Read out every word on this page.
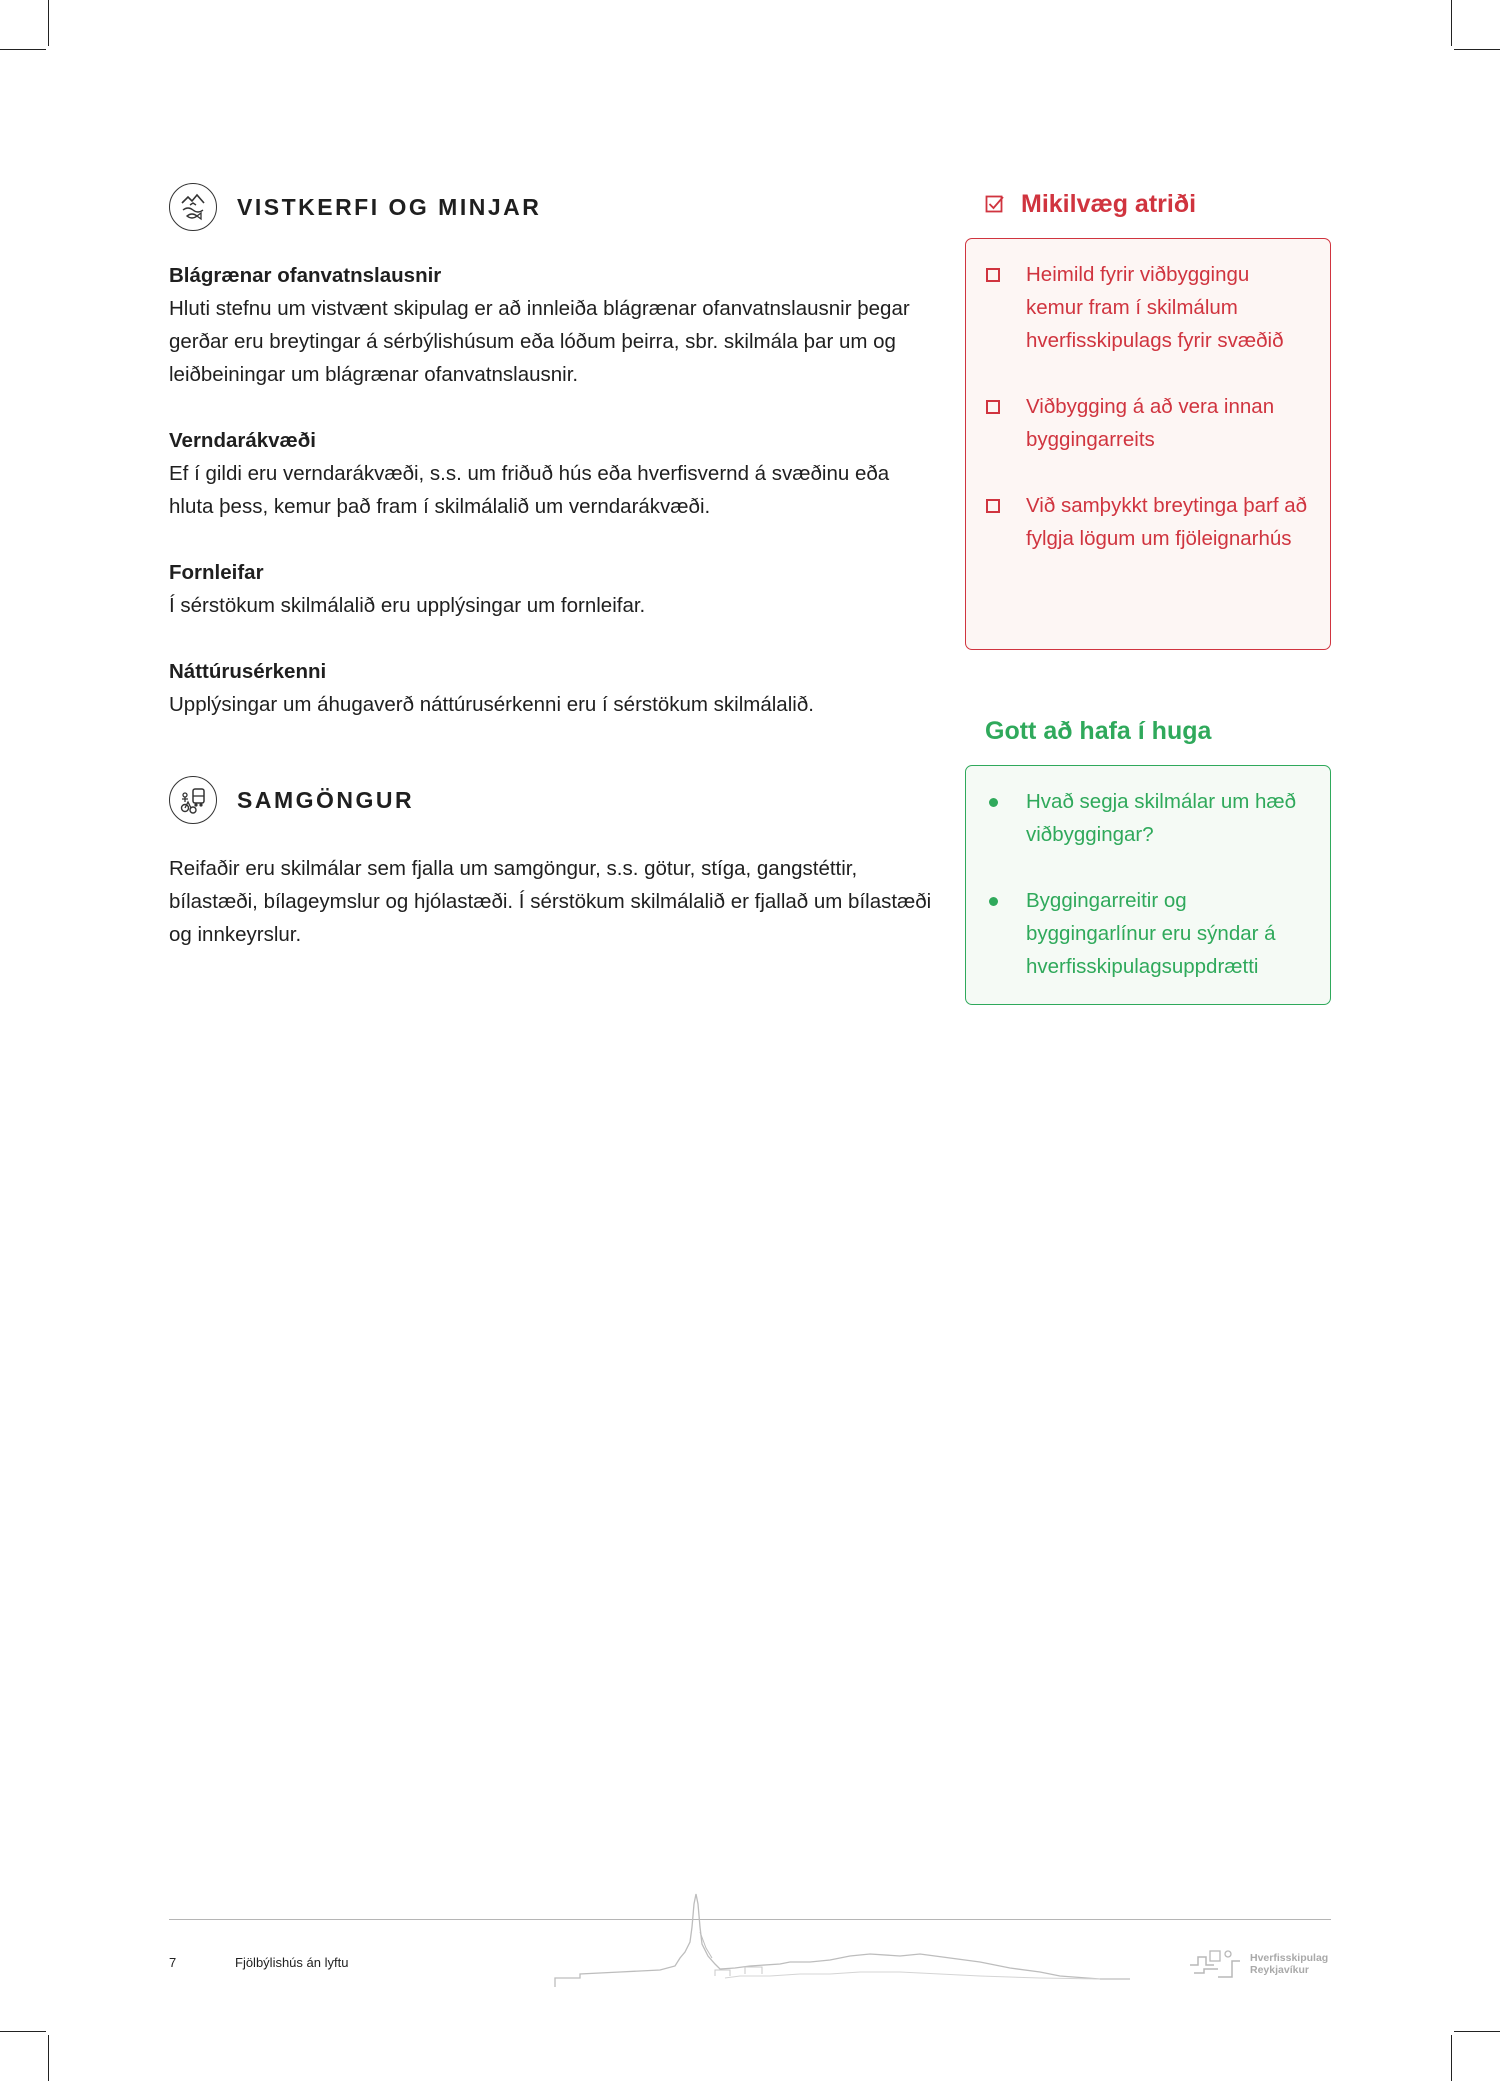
VISTKERFI OG MINJAR
Blágrænar ofanvatnslausnir

Hluti stefnu um vistvænt skipulag er að innleiða blágrænar ofanvatnslausnir þegar gerðar eru breytingar á sérbýlishúsum eða lóðum þeirra, sbr. skilmála þar um og leiðbeiningar um blágrænar ofanvatnslausnir.

Verndarákvæði

Ef í gildi eru verndarákvæði, s.s. um friðuð hús eða hverfisvernd á svæðinu eða hluta þess, kemur það fram í skilmálalið um verndarákvæði.

Fornleifar

Í sérstökum skilmálalið eru upplýsingar um fornleifar.

Náttúrusérkenni

Upplýsingar um áhugaverð náttúrusérkenni eru í sérstökum skilmálalið.

SAMGÖNGUR

Reifaðir eru skilmálar sem fjalla um samgöngur, s.s. götur, stíga, gangstéttir, bílastæði, bílageymslur og hjólastæði. Í sérstökum skilmálalið er fjallað um bílastæði og innkeyrslur.

Mikilvæg atriði
Heimild fyrir viðbyggingu kemur fram í skilmálum hverfisskipulags fyrir svæðið
Viðbygging á að vera innan byggingarreits
Við samþykkt breytinga þarf að fylgja lögum um fjöleignarhús
Gott að hafa í huga
Hvað segja skilmálar um hæð viðbyggingar?
Byggingarreitir og byggingarlínur eru sýndar á hverfisskipulagsuppdrætti
7	Fjölbýlishús án lyftu	Hverfisskipulag
Reykjavíkur
